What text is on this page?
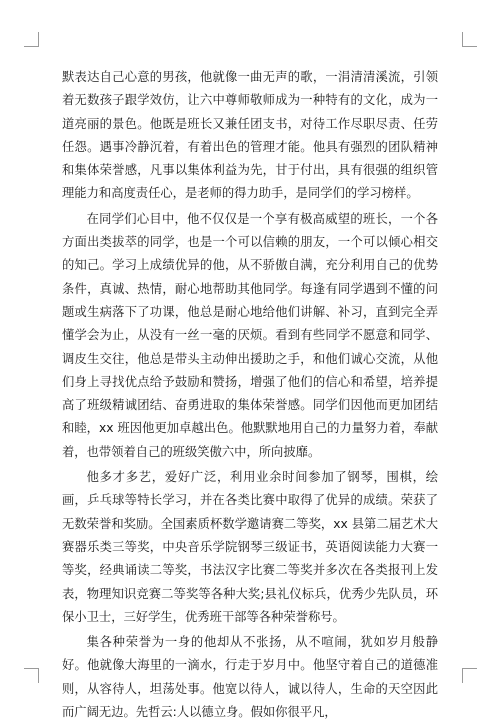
默表达自己心意的男孩，他就像一曲无声的歌，一涓清清溪流，引领着无数孩子跟学效仿，让六中尊师敬师成为一种特有的文化，成为一道亮丽的景色。他既是班长又兼任团支书，对待工作尽职尽责、任劳任怨。遇事冷静沉着，有着出色的管理才能。他具有强烈的团队精神和集体荣誉感，凡事以集体利益为先，甘于付出，具有很强的组织管理能力和高度责任心，是老师的得力助手，是同学们的学习榜样。

在同学们心目中，他不仅仅是一个享有极高威望的班长，一个各方面出类拔萃的同学，也是一个可以信赖的朋友，一个可以倾心相交的知己。学习上成绩优异的他，从不骄傲自满，充分利用自己的优势条件，真诚、热情，耐心地帮助其他同学。每逢有同学遇到不懂的问题或生病落下了功课，他总是耐心地给他们讲解、补习，直到完全弄懂学会为止，从没有一丝一毫的厌烦。看到有些同学不愿意和同学、调皮生交往，他总是带头主动伸出援助之手，和他们诚心交流，从他们身上寻找优点给予鼓励和赞扬，增强了他们的信心和希望，培养提高了班级精诚团结、奋勇进取的集体荣誉感。同学们因他而更加团结和睦，xx 班因他更加卓越出色。他默默地用自己的力量努力着，奉献着，也带领着自己的班级笑傲六中，所向披靡。

他多才多艺，爱好广泛，利用业余时间参加了钢琴，围棋，绘画，乒乓球等特长学习，并在各类比赛中取得了优异的成绩。荣获了无数荣誉和奖励。全国素质杯数学邀请赛二等奖，xx 县第二届艺术大赛器乐类三等奖，中央音乐学院钢琴三级证书，英语阅读能力大赛一等奖，经典诵读二等奖，书法汉字比赛二等奖并多次在各类报刊上发表，物理知识竞赛二等奖等各种大奖;县礼仪标兵，优秀少先队员，环保小卫士，三好学生，优秀班干部等各种荣誉称号。

集各种荣誉为一身的他却从不张扬，从不喧闹，犹如岁月般静好。他就像大海里的一滴水，行走于岁月中。他坚守着自己的道德准则，从容待人，坦荡处事。他宽以待人，诚以待人，生命的天空因此而广阔无边。先哲云:人以德立身。假如你很平凡，
